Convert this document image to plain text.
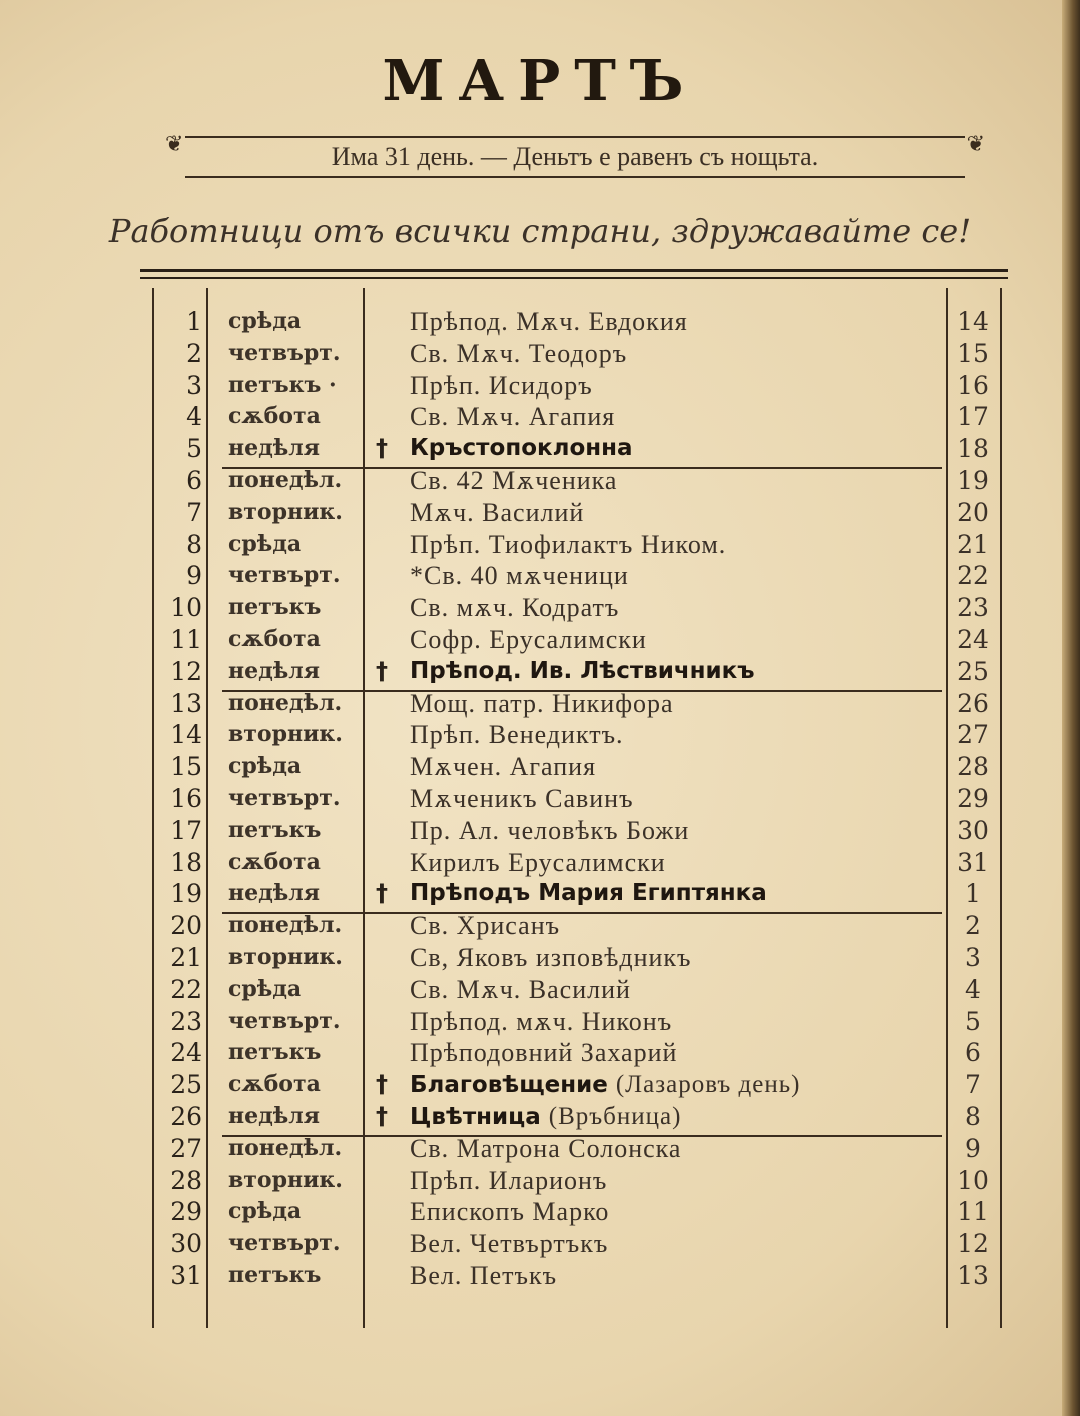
МАРТЪ
❦	Има 31 день. — Деньтъ е равенъ съ нощьта.	❦
Работници отъ всички страни, здружавайте се!
1 срѣда	Прѣпод. Мѫч. Евдокия	14
2 четвърт.	Св. Мѫч. Теодоръ	15
3 петъкъ ·	Прѣп. Исидоръ	16
4 сѫбота	Св. Мѫч. Агапия	17
5 недѣля	† Кръстопоклонна	18
6 понедѣл.	Св. 42 Мѫченика	19
7 вторник.	Мѫч. Василий	20
8 срѣда	Прѣп. Тиофилактъ Ником.	21
9 четвърт.	*Св. 40 мѫченици	22
10 петъкъ	Св. мѫч. Кодратъ	23
11 сѫбота	Софр. Ерусалимски	24
12 недѣля	† Прѣпод. Ив. Лѣствичникъ	25
13 понедѣл.	Мощ. патр. Никифора	26
14 вторник.	Прѣп. Венедиктъ.	27
15 срѣда	Мѫчен. Агапия	28
16 четвърт.	Мѫченикъ Савинъ	29
17 петъкъ	Пр. Ал. человѣкъ Божи	30
18 сѫбота	Кирилъ Ерусалимски	31
19 недѣля	† Прѣподъ Мария Египтянка	1
20 понедѣл.	Св. Хрисанъ	2
21 вторник.	Св, Яковъ изповѣдникъ	3
22 срѣда	Св. Мѫч. Василий	4
23 четвърт.	Прѣпод. мѫч. Никонъ	5
24 петъкъ	Прѣподовний Захарий	6
25 сѫбота	† Благовѣщение (Лазаровъ день)	7
26 недѣля	† Цвѣтница (Връбница)	8
27 понедѣл.	Св. Матрона Солонска	9
28 вторник.	Прѣп. Иларионъ	10
29 срѣда	Епископъ Марко	11
30 четвърт.	Вел. Четвъртъкъ	12
31 петъкъ	Вел. Петъкъ	13
